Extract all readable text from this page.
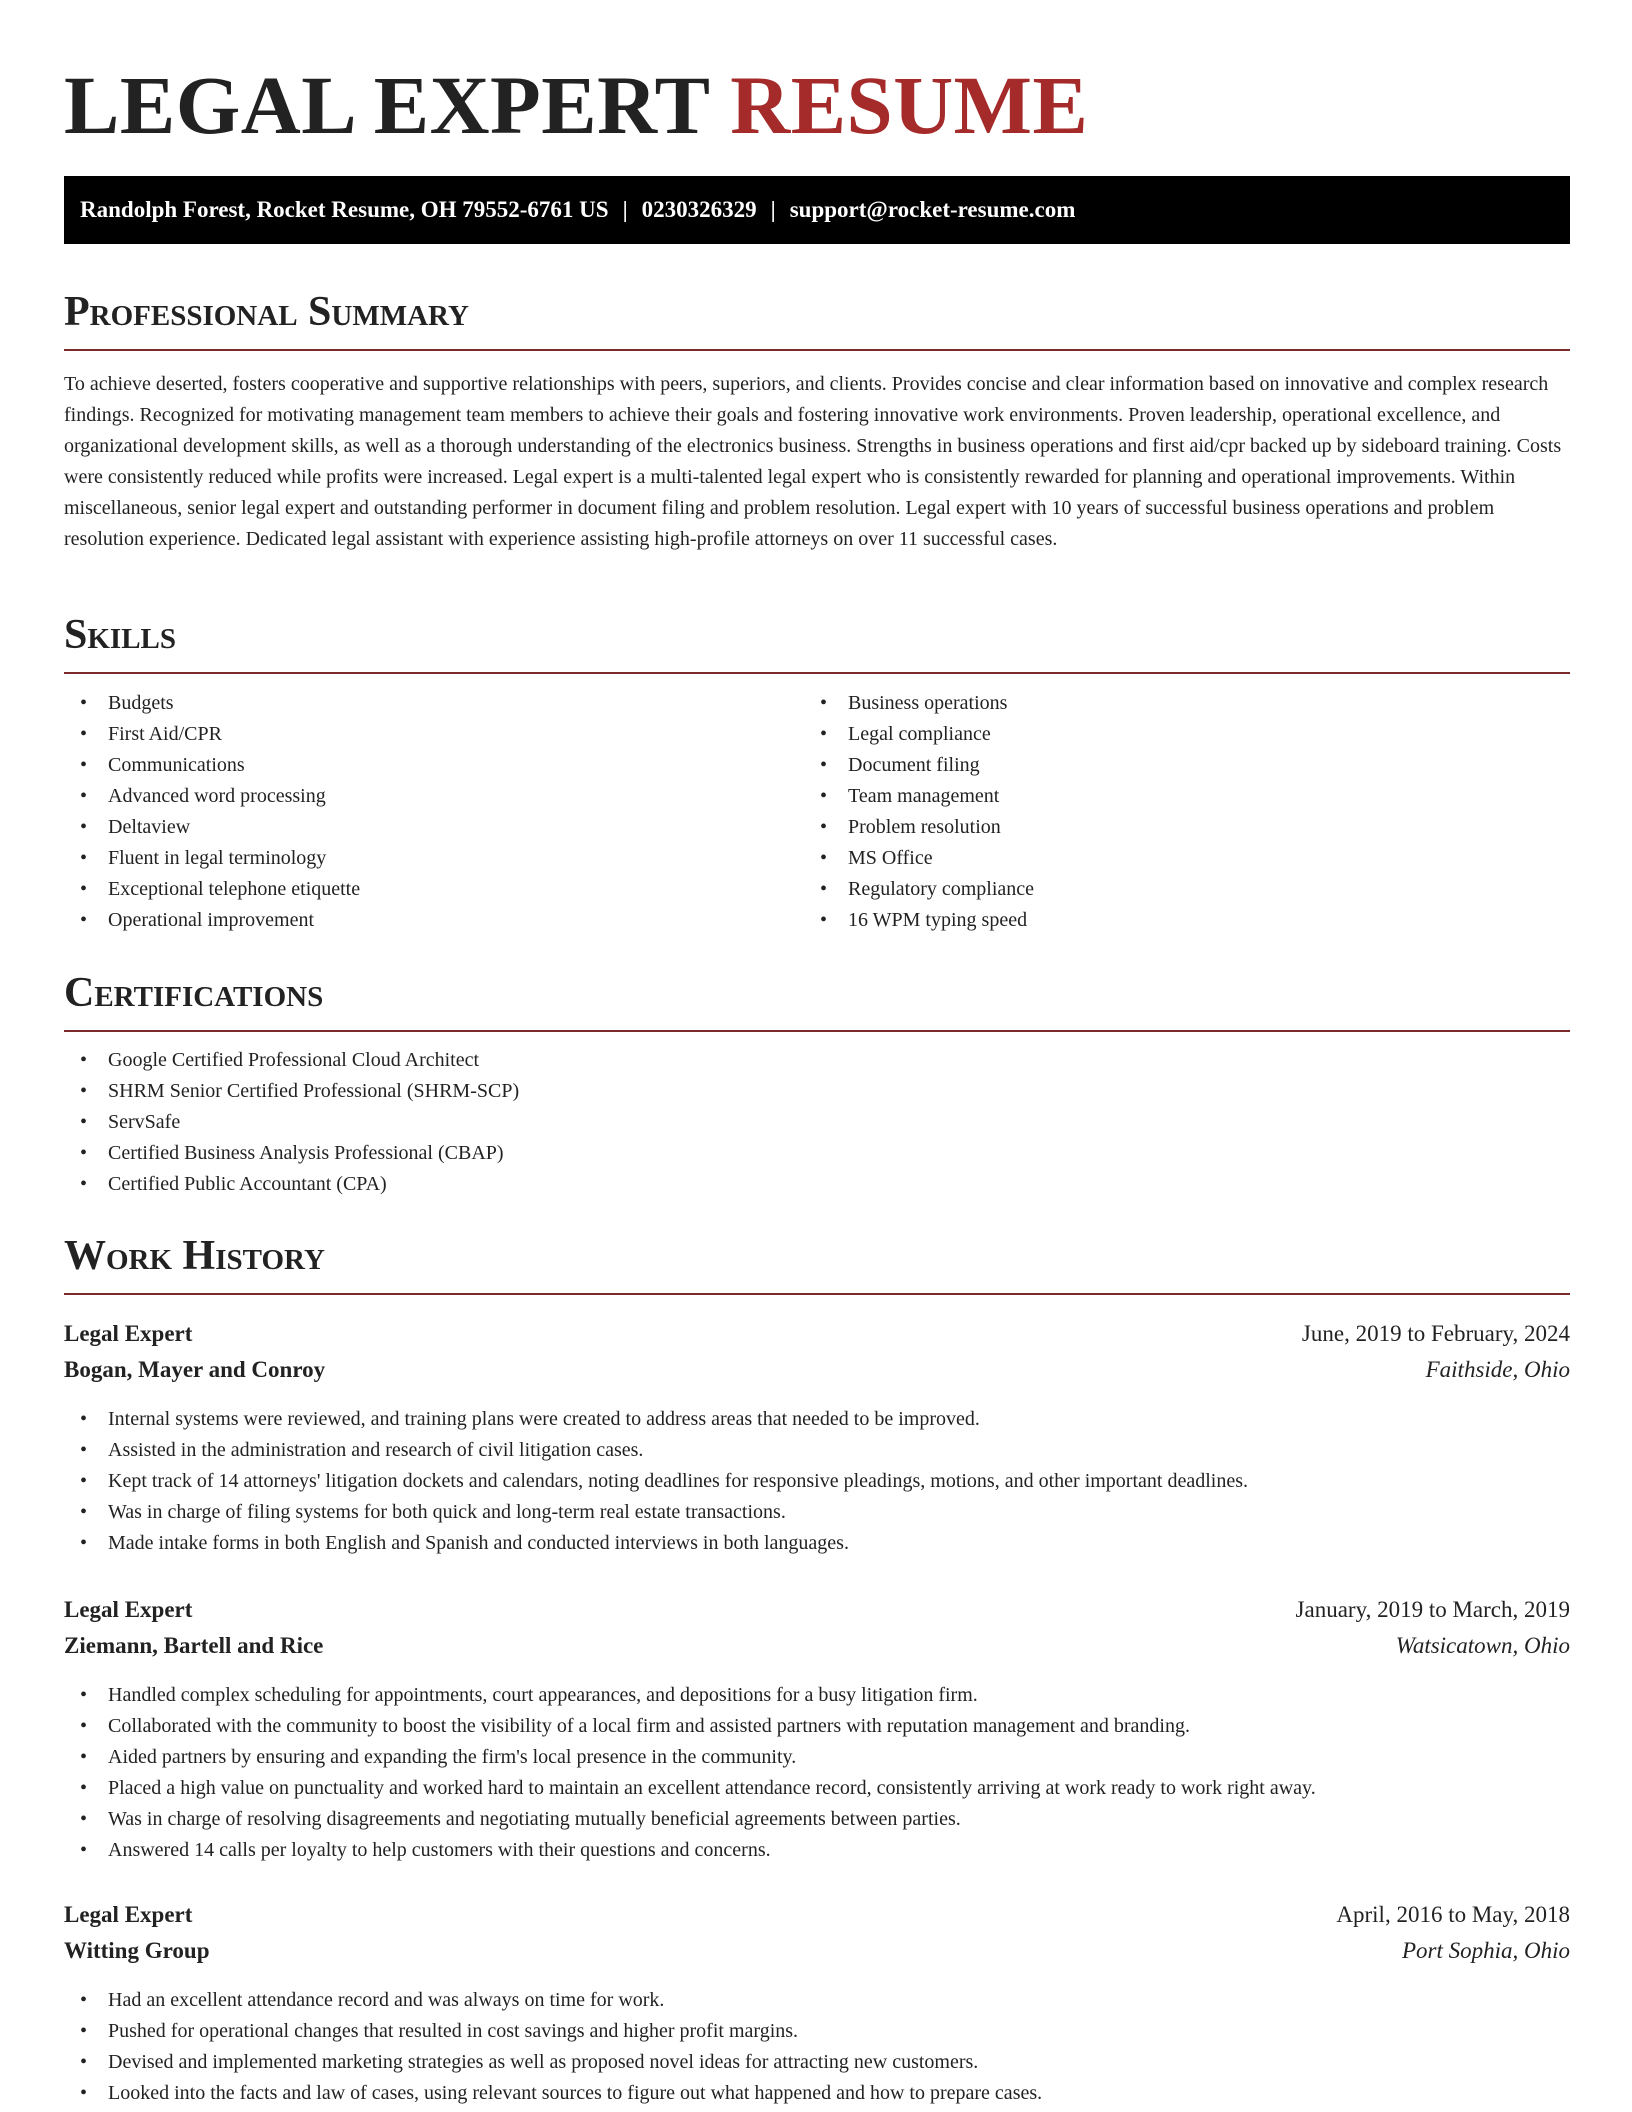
LEGAL EXPERT RESUME
Randolph Forest, Rocket Resume, OH 79552-6761 US | 0230326329 | support@rocket-resume.com
Professional Summary

To achieve deserted, fosters cooperative and supportive relationships with peers, superiors, and clients. Provides concise and clear information based on innovative and complex research findings. Recognized for motivating management team members to achieve their goals and fostering innovative work environments. Proven leadership, operational excellence, and organizational development skills, as well as a thorough understanding of the electronics business. Strengths in business operations and first aid/cpr backed up by sideboard training. Costs were consistently reduced while profits were increased. Legal expert is a multi-talented legal expert who is consistently rewarded for planning and operational improvements. Within miscellaneous, senior legal expert and outstanding performer in document filing and problem resolution. Legal expert with 10 years of successful business operations and problem resolution experience. Dedicated legal assistant with experience assisting high-profile attorneys on over 11 successful cases.

Skills
• Budgets
• First Aid/CPR
• Communications
• Advanced word processing
• Deltaview
• Fluent in legal terminology
• Exceptional telephone etiquette
• Operational improvement
• Business operations
• Legal compliance
• Document filing
• Team management
• Problem resolution
• MS Office
• Regulatory compliance
• 16 WPM typing speed
Certifications
• Google Certified Professional Cloud Architect
• SHRM Senior Certified Professional (SHRM-SCP)
• ServSafe
• Certified Business Analysis Professional (CBAP)
• Certified Public Accountant (CPA)
Work History
Legal Expert	June, 2019 to February, 2024
Bogan, Mayer and Conroy	Faithside, Ohio
• Internal systems were reviewed, and training plans were created to address areas that needed to be improved.
• Assisted in the administration and research of civil litigation cases.
• Kept track of 14 attorneys' litigation dockets and calendars, noting deadlines for responsive pleadings, motions, and other important deadlines.
• Was in charge of filing systems for both quick and long-term real estate transactions.
• Made intake forms in both English and Spanish and conducted interviews in both languages.
Legal Expert	January, 2019 to March, 2019
Ziemann, Bartell and Rice	Watsicatown, Ohio
• Handled complex scheduling for appointments, court appearances, and depositions for a busy litigation firm.
• Collaborated with the community to boost the visibility of a local firm and assisted partners with reputation management and branding.
• Aided partners by ensuring and expanding the firm's local presence in the community.
• Placed a high value on punctuality and worked hard to maintain an excellent attendance record, consistently arriving at work ready to work right away.
• Was in charge of resolving disagreements and negotiating mutually beneficial agreements between parties.
• Answered 14 calls per loyalty to help customers with their questions and concerns.
Legal Expert	April, 2016 to May, 2018
Witting Group	Port Sophia, Ohio
• Had an excellent attendance record and was always on time for work.
• Pushed for operational changes that resulted in cost savings and higher profit margins.
• Devised and implemented marketing strategies as well as proposed novel ideas for attracting new customers.
• Looked into the facts and law of cases, using relevant sources to figure out what happened and how to prepare cases.
